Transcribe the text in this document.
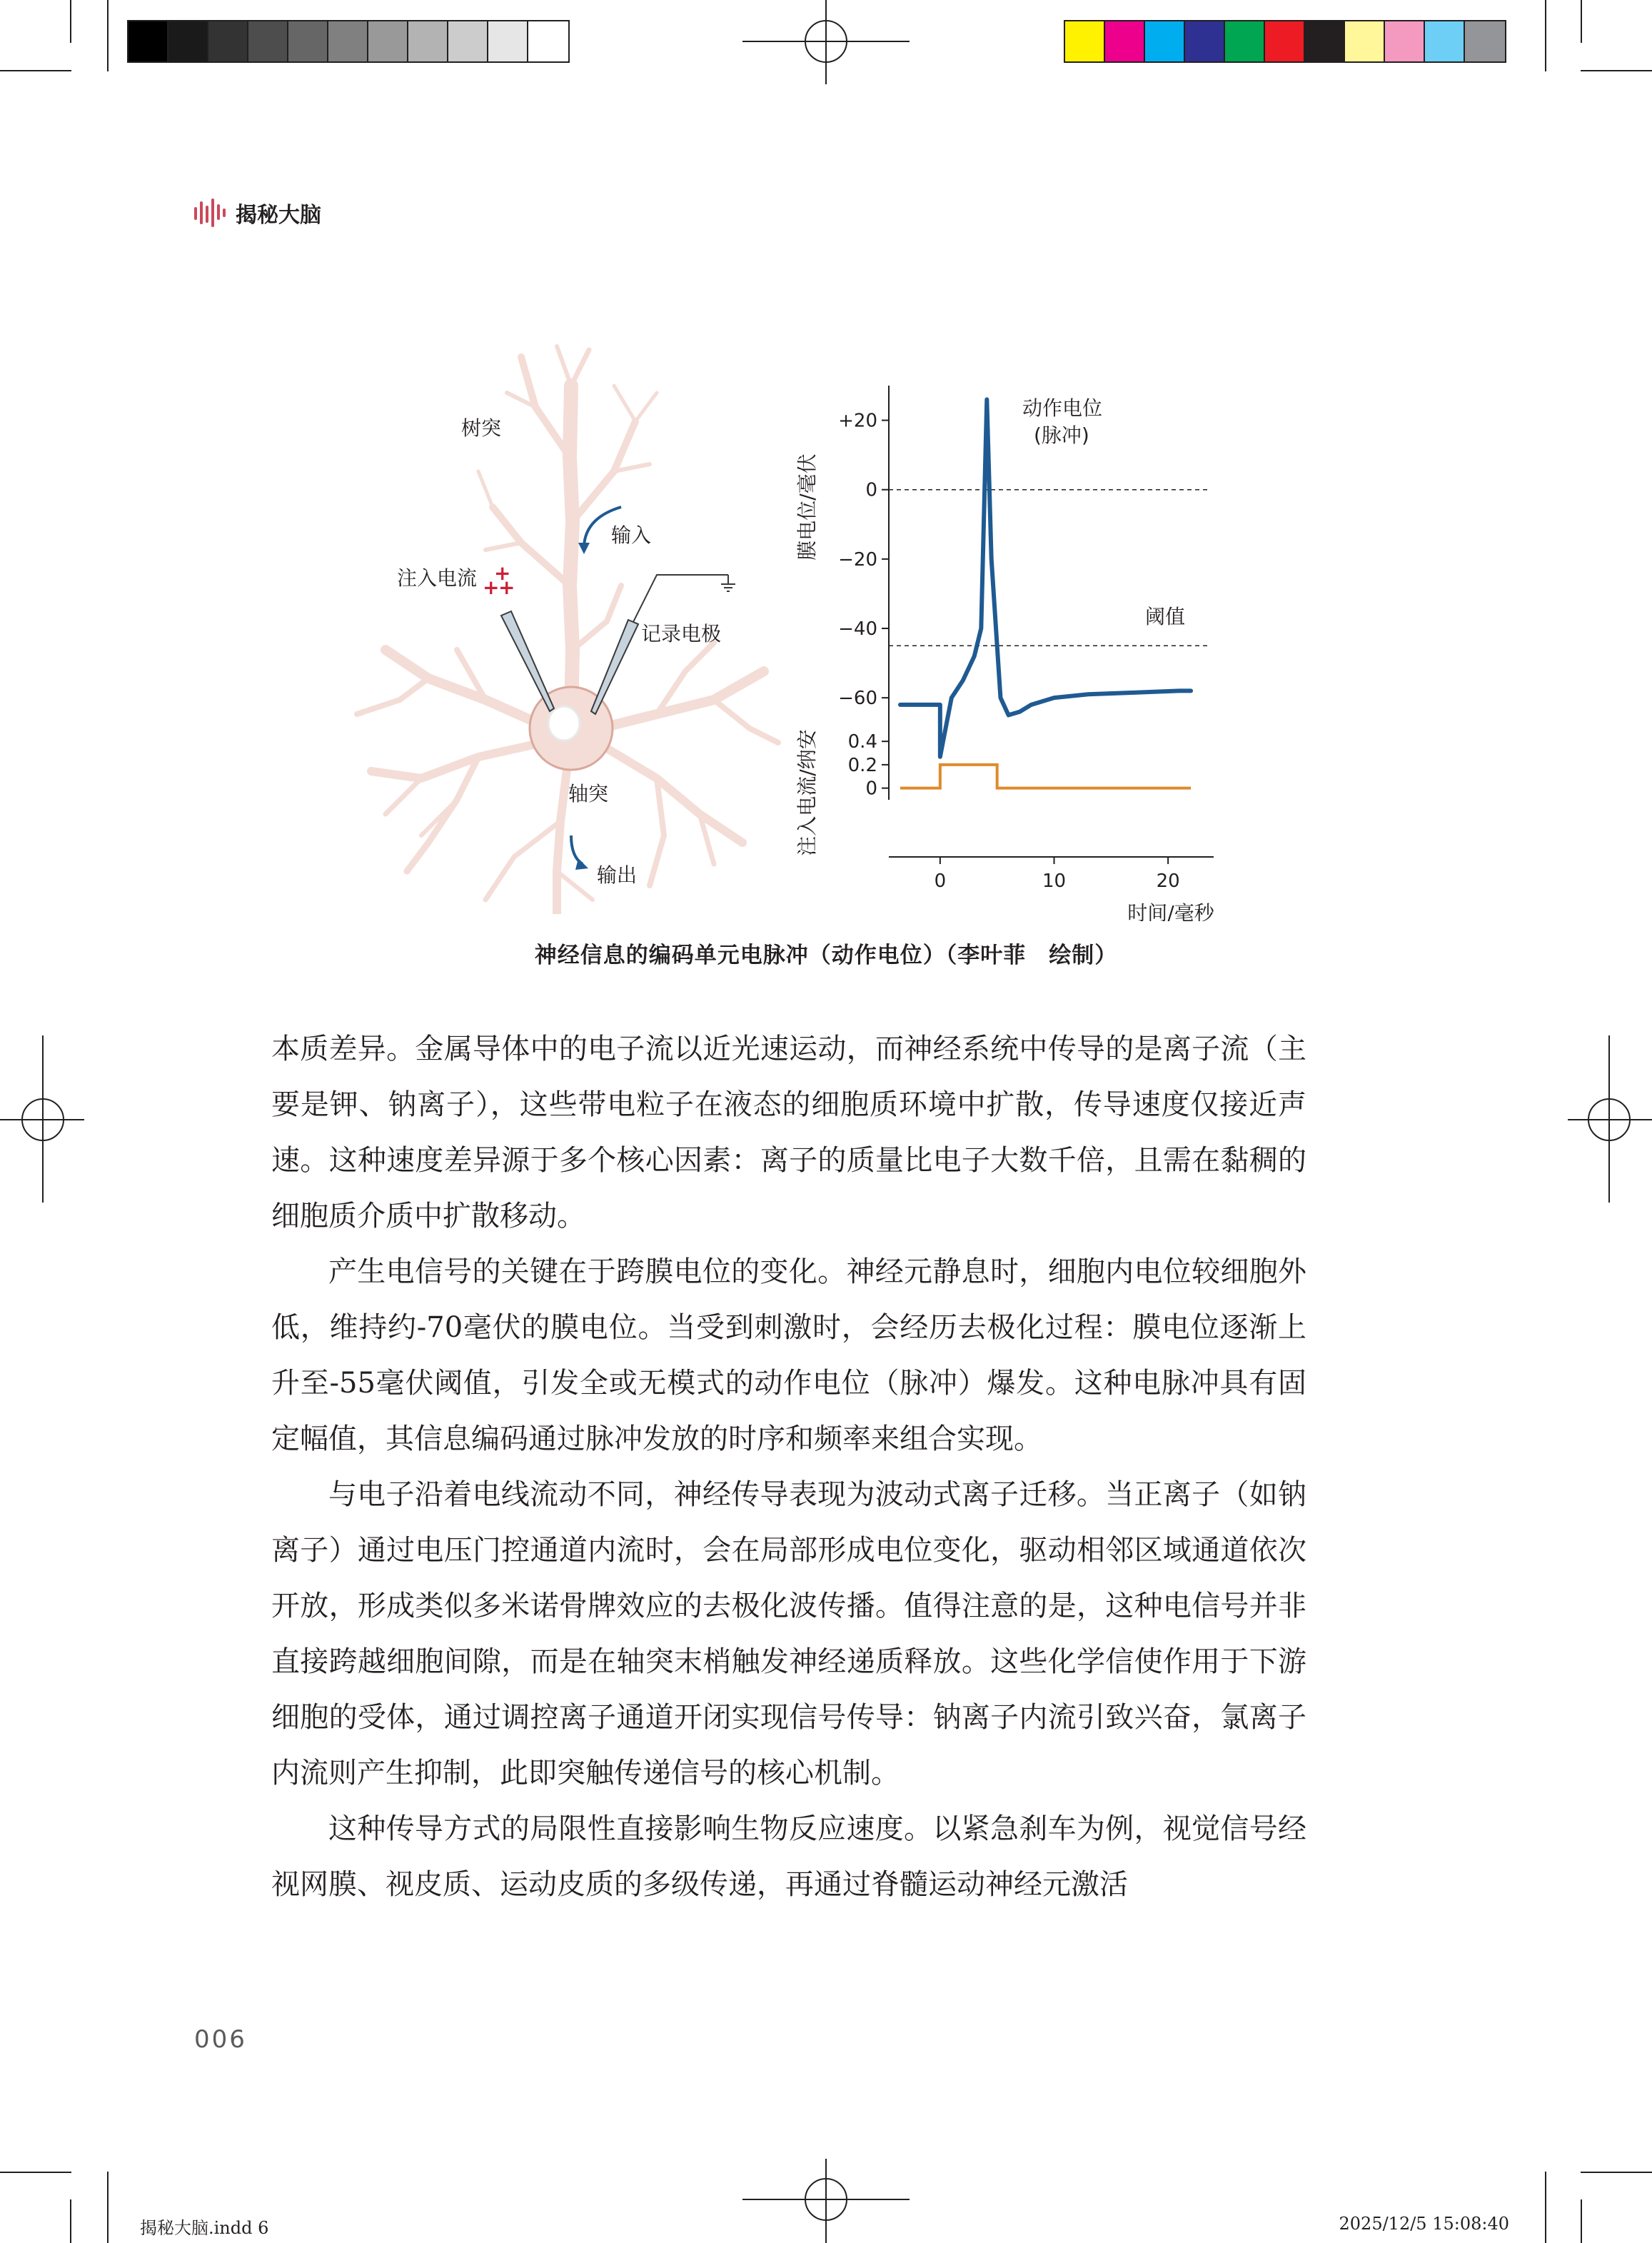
揭秘大脑
树突
输入
注入电流 +
+
+
记录电极
轴突
输出
+20
0
−20
−40
−60
膜电位/毫伏
0.4
0.2
0
注入电流/纳安
0	10	20
时间/毫秒
动作电位
(脉冲)
阈值
神经信息的编码单元电脉冲（动作电位）（李叶菲　绘制）

本质差异。金属导体中的电子流以近光速运动，而神经系统中传导的是离子流（主要是钾、钠离子），这些带电粒子在液态的细胞质环境中扩散，传导速度仅接近声速。这种速度差异源于多个核心因素：离子的质量比电子大数千倍，且需在黏稠的细胞质介质中扩散移动。

产生电信号的关键在于跨膜电位的变化。神经元静息时，细胞内电位较细胞外低，维持约-70毫伏的膜电位。当受到刺激时，会经历去极化过程：膜电位逐渐上升至-55毫伏阈值，引发全或无模式的动作电位（脉冲）爆发。这种电脉冲具有固定幅值，其信息编码通过脉冲发放的时序和频率来组合实现。

与电子沿着电线流动不同，神经传导表现为波动式离子迁移。当正离子（如钠离子）通过电压门控通道内流时，会在局部形成电位变化，驱动相邻区域通道依次开放，形成类似多米诺骨牌效应的去极化波传播。值得注意的是，这种电信号并非直接跨越细胞间隙，而是在轴突末梢触发神经递质释放。这些化学信使作用于下游细胞的受体，通过调控离子通道开闭实现信号传导：钠离子内流引致兴奋，氯离子内流则产生抑制，此即突触传递信号的核心机制。

这种传导方式的局限性直接影响生物反应速度。以紧急刹车为例，视觉信号经视网膜、视皮质、运动皮质的多级传递，再通过脊髓运动神经元激活

006
揭秘大脑.indd 6	2025/12/5 15:08:40
